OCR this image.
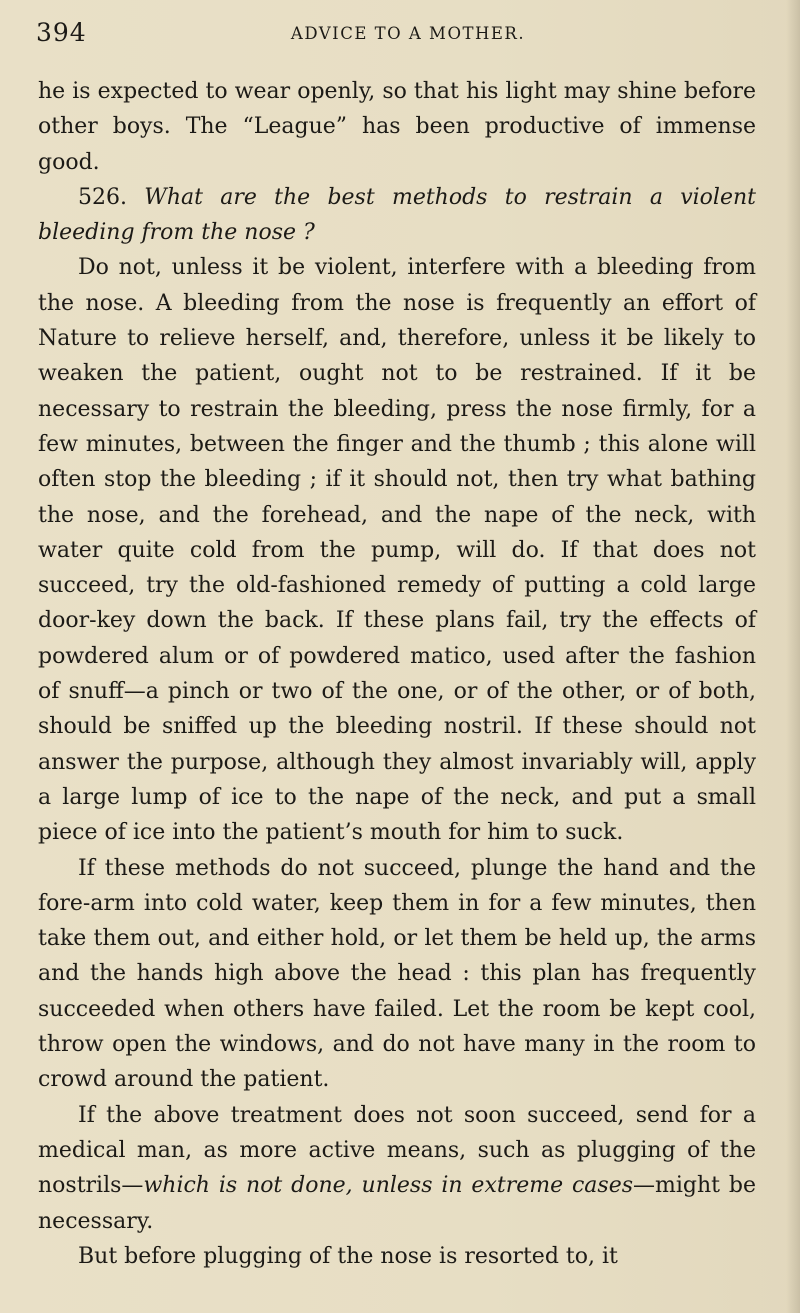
394	ADVICE TO A MOTHER.

he is expected to wear openly, so that his light may shine before other boys. The “League” has been productive of immense good.

526. What are the best methods to restrain a violent bleeding from the nose ?

Do not, unless it be violent, interfere with a bleeding from the nose. A bleeding from the nose is frequently an effort of Nature to relieve herself, and, therefore, unless it be likely to weaken the patient, ought not to be restrained. If it be necessary to restrain the bleeding, press the nose firmly, for a few minutes, between the finger and the thumb ; this alone will often stop the bleeding ; if it should not, then try what bathing the nose, and the forehead, and the nape of the neck, with water quite cold from the pump, will do. If that does not succeed, try the old-fashioned remedy of putting a cold large door-key down the back. If these plans fail, try the effects of powdered alum or of powdered matico, used after the fashion of snuff—a pinch or two of the one, or of the other, or of both, should be sniffed up the bleeding nostril. If these should not answer the purpose, although they almost invariably will, apply a large lump of ice to the nape of the neck, and put a small piece of ice into the patient’s mouth for him to suck.

If these methods do not succeed, plunge the hand and the fore-arm into cold water, keep them in for a few minutes, then take them out, and either hold, or let them be held up, the arms and the hands high above the head : this plan has frequently succeeded when others have failed. Let the room be kept cool, throw open the windows, and do not have many in the room to crowd around the patient.

If the above treatment does not soon succeed, send for a medical man, as more active means, such as plugging of the nostrils—which is not done, unless in extreme cases—might be necessary.

But before plugging of the nose is resorted to, it
